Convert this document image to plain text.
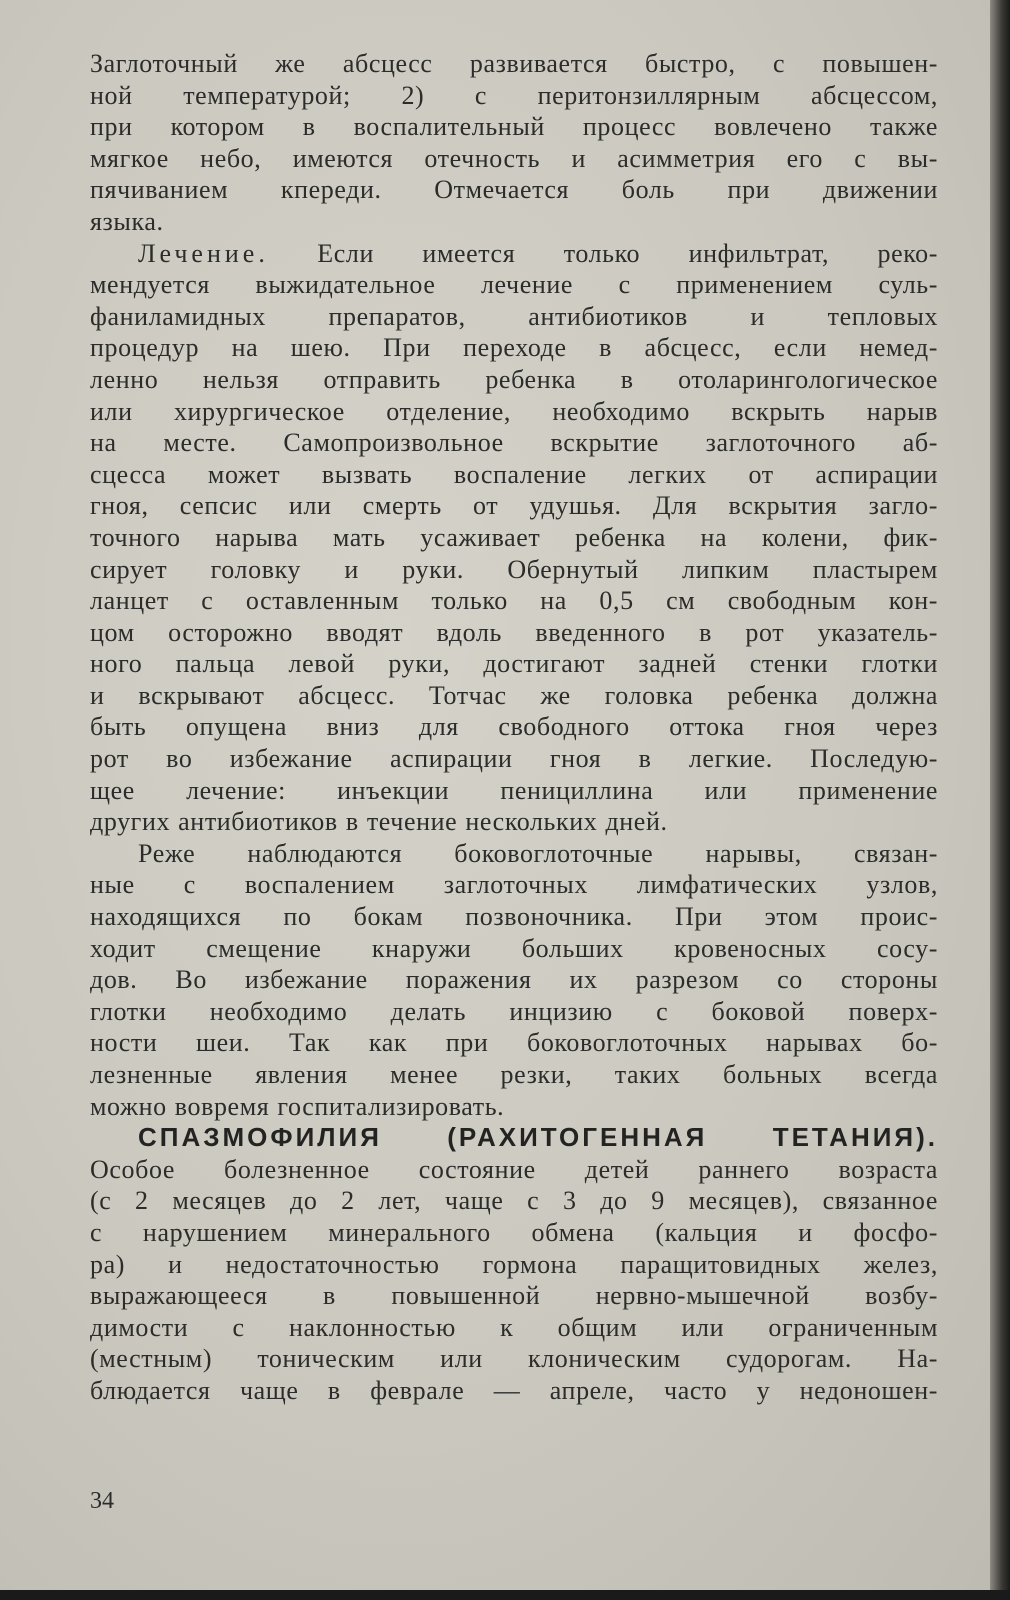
Заглоточный же абсцесс развивается быстро, с повышен-
ной температурой; 2) с перитонзиллярным абсцессом,
при котором в воспалительный процесс вовлечено также
мягкое небо, имеются отечность и асимметрия его с вы-
пячиванием кпереди. Отмечается боль при движении
языка.
Лечение. Если имеется только инфильтрат, реко-
мендуется выжидательное лечение с применением суль-
фаниламидных препаратов, антибиотиков и тепловых
процедур на шею. При переходе в абсцесс, если немед-
ленно нельзя отправить ребенка в отоларингологическое
или хирургическое отделение, необходимо вскрыть нарыв
на месте. Самопроизвольное вскрытие заглоточного аб-
сцесса может вызвать воспаление легких от аспирации
гноя, сепсис или смерть от удушья. Для вскрытия загло-
точного нарыва мать усаживает ребенка на колени, фик-
сирует головку и руки. Обернутый липким пластырем
ланцет с оставленным только на 0,5 см свободным кон-
цом осторожно вводят вдоль введенного в рот указатель-
ного пальца левой руки, достигают задней стенки глотки
и вскрывают абсцесс. Тотчас же головка ребенка должна
быть опущена вниз для свободного оттока гноя через
рот во избежание аспирации гноя в легкие. Последую-
щее лечение: инъекции пенициллина или применение
других антибиотиков в течение нескольких дней.
Реже наблюдаются боковоглоточные нарывы, связан-
ные с воспалением заглоточных лимфатических узлов,
находящихся по бокам позвоночника. При этом проис-
ходит смещение кнаружи больших кровеносных сосу-
дов. Во избежание поражения их разрезом со стороны
глотки необходимо делать инцизию с боковой поверх-
ности шеи. Так как при боковоглоточных нарывах бо-
лезненные явления менее резки, таких больных всегда
можно вовремя госпитализировать.
СПАЗМОФИЛИЯ (РАХИТОГЕННАЯ ТЕТАНИЯ).
Особое болезненное состояние детей раннего возраста
(с 2 месяцев до 2 лет, чаще с 3 до 9 месяцев), связанное
с нарушением минерального обмена (кальция и фосфо-
ра) и недостаточностью гормона паращитовидных желез,
выражающееся в повышенной нервно-мышечной возбу-
димости с наклонностью к общим или ограниченным
(местным) тоническим или клоническим судорогам. На-
блюдается чаще в феврале — апреле, часто у недоношен-
34
